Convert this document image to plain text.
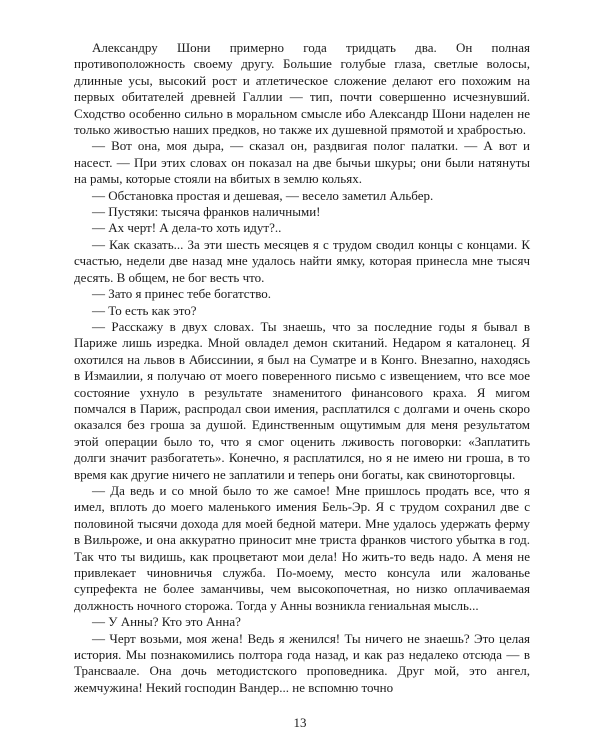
Александру Шони примерно года тридцать два. Он полная противоположность своему другу. Большие голубые глаза, светлые волосы, длинные усы, высокий рост и атлетическое сложение делают его похожим на первых обитателей древней Галлии — тип, почти совершенно исчезнувший. Сходство особенно сильно в моральном смысле ибо Александр Шони наделен не только живостью наших предков, но также их душевной прямотой и храбростью.

— Вот она, моя дыра, — сказал он, раздвигая полог палатки. — А вот и насест. — При этих словах он показал на две бычьи шкуры; они были натянуты на рамы, которые стояли на вбитых в землю кольях.

— Обстановка простая и дешевая, — весело заметил Альбер.

— Пустяки: тысяча франков наличными!

— Ах черт! А дела-то хоть идут?..

— Как сказать... За эти шесть месяцев я с трудом сводил концы с концами. К счастью, недели две назад мне удалось найти ямку, которая принесла мне тысяч десять. В общем, не бог весть что.

— Зато я принес тебе богатство.

— То есть как это?

— Расскажу в двух словах. Ты знаешь, что за последние годы я бывал в Париже лишь изредка. Мной овладел демон скитаний. Недаром я каталонец. Я охотился на львов в Абиссинии, я был на Суматре и в Конго. Внезапно, находясь в Измаилии, я получаю от моего поверенного письмо с извещением, что все мое состояние ухнуло в результате знаменитого финансового краха. Я мигом помчался в Париж, распродал свои имения, расплатился с долгами и очень скоро оказался без гроша за душой. Единственным ощутимым для меня результатом этой операции было то, что я смог оценить лживость поговорки: «Заплатить долги значит разбогатеть». Конечно, я расплатился, но я не имею ни гроша, в то время как другие ничего не заплатили и теперь они богаты, как свиноторговцы.

— Да ведь и со мной было то же самое! Мне пришлось продать все, что я имел, вплоть до моего маленького имения Бель-Эр. Я с трудом сохранил две с половиной тысячи дохода для моей бедной матери. Мне удалось удержать ферму в Вильроже, и она аккуратно приносит мне триста франков чистого убытка в год. Так что ты видишь, как процветают мои дела! Но жить-то ведь надо. А меня не привлекает чиновничья служба. По-моему, место консула или жалованье супрефекта не более заманчивы, чем высокопочетная, но низко оплачиваемая должность ночного сторожа. Тогда у Анны возникла гениальная мысль...

— У Анны? Кто это Анна?

— Черт возьми, моя жена! Ведь я женился! Ты ничего не знаешь? Это целая история. Мы познакомились полтора года назад, и как раз недалеко отсюда — в Трансваале. Она дочь методистского проповедника. Друг мой, это ангел, жемчужина! Некий господин Вандер... не вспомню точно

13
